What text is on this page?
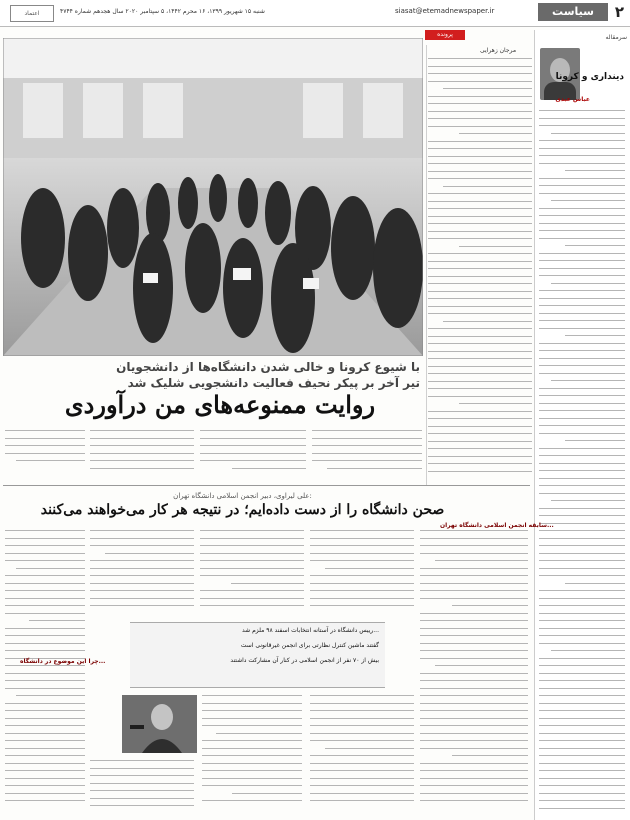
۲
سیاست
siasat@etemadnewspaper.ir
شنبه ۱۵ شهریور ۱۳۹۹، ۱۶ محرم ۱۴۴۲، ۵ سپتامبر ۲۰۲۰ سال هجدهم شماره ۴۷۴۴
اعتماد
سرمقاله
دینداری و کرونا
عباس عبدی
پرونده
مرجان زهرایی
با شیوع کرونا و خالی شدن دانشگاه‌ها از دانشجویان
تیر آخر بر پیکر نحیف فعالیت دانشجویی شلیک شد
روایت ممنوعه‌های من درآوردی
علی لیراوی، دبیر انجمن اسلامی دانشگاه تهران:
صحن دانشگاه را از دست داده‌ایم؛ در نتیجه هر کار می‌خواهند می‌کنند
سابقه انجمن اسلامی دانشگاه تهران...
چرا این موضوع در دانشگاه...
رییس دانشگاه در آستانه انتخابات اسفند ۹۸ ملزم شد...
گفتند ماشین کنترل نظارتی برای انجمن غیرقانونی است
بیش از ۷۰ نفر از انجمن اسلامی در کنار آن مشارکت داشتند
